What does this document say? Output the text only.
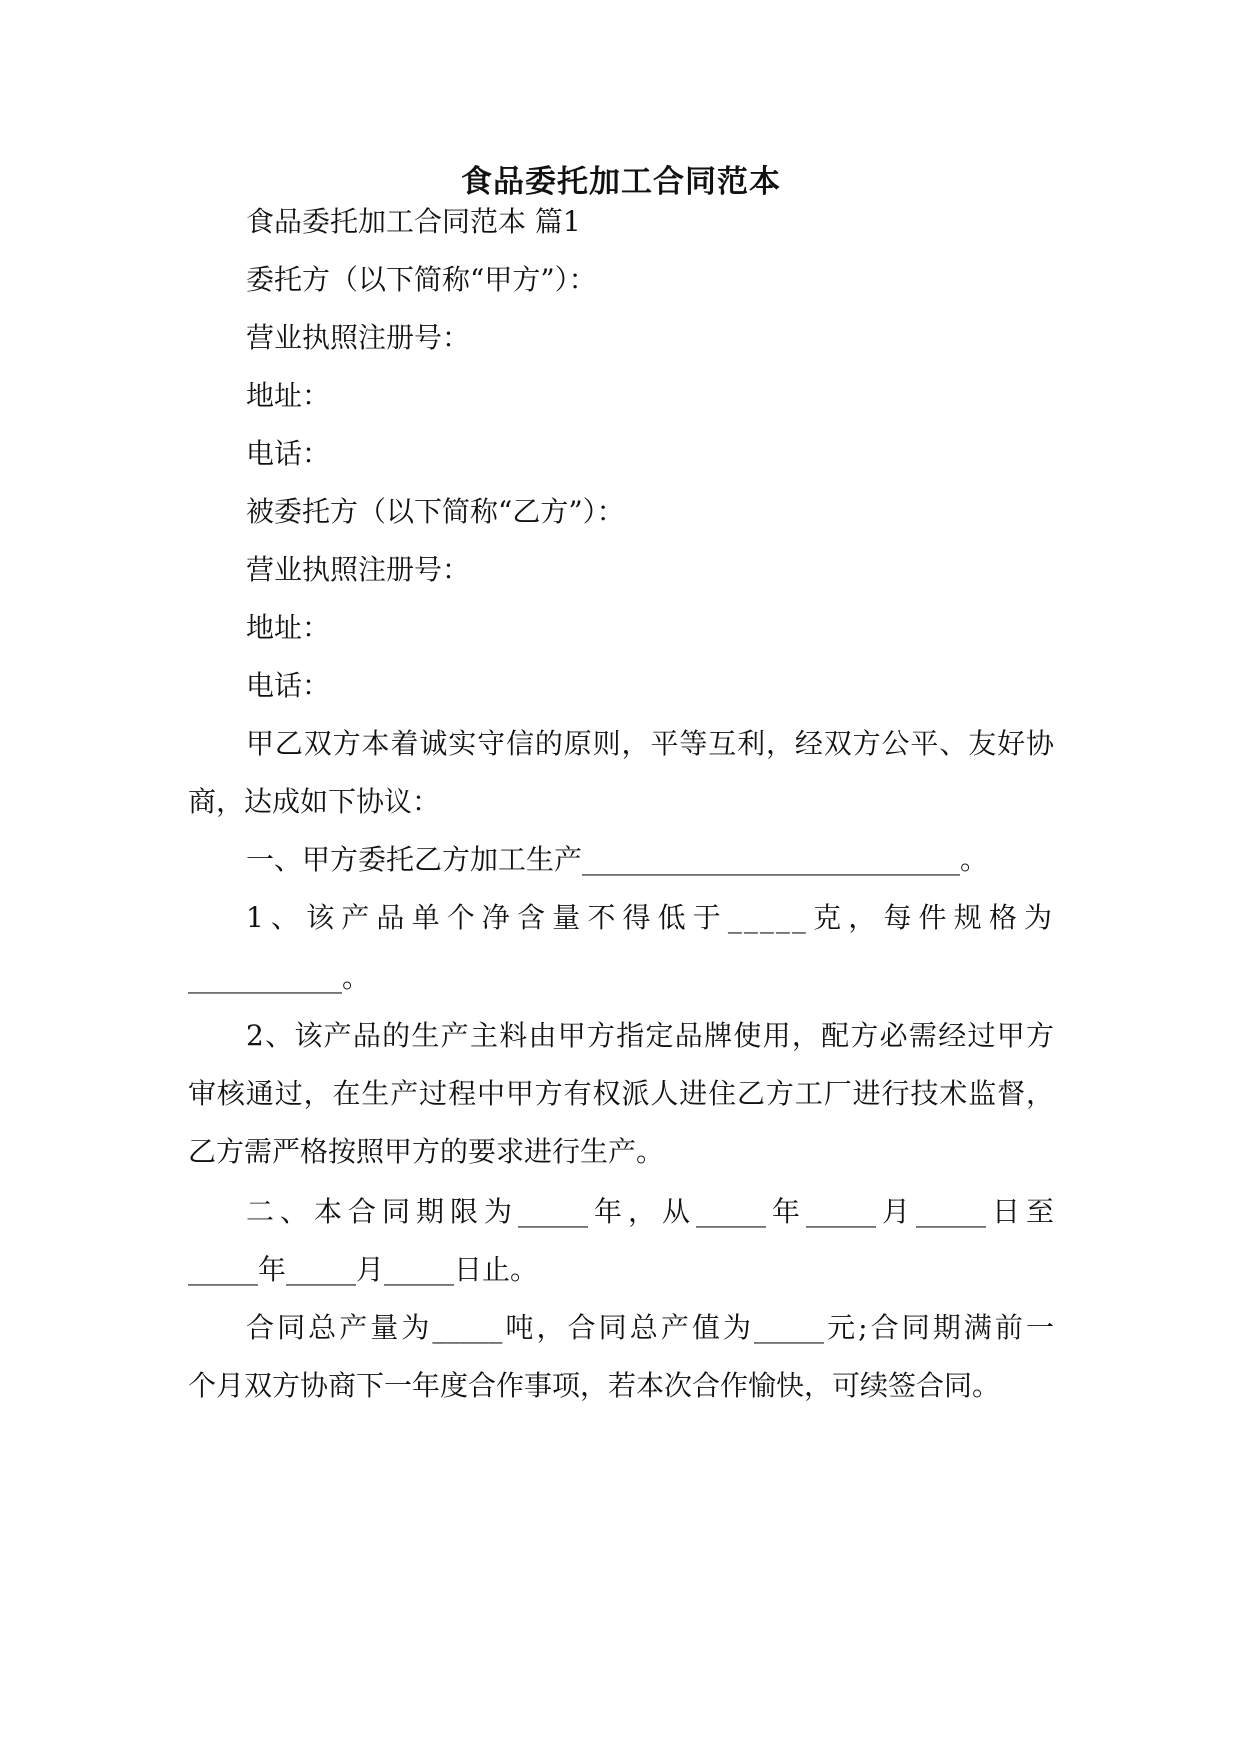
食品委托加工合同范本
食品委托加工合同范本 篇1
委托方（以下简称“甲方”）：
营业执照注册号：
地址：
电话：
被委托方（以下简称“乙方”）：
营业执照注册号：
地址：
电话：
甲乙双方本着诚实守信的原则，平等互利，经双方公平、友好协
商，达成如下协议：
一、甲方委托乙方加工生产___________________________。
1、该产品单个净含量不得低于_____克，每件规格为
___________。
2、该产品的生产主料由甲方指定品牌使用，配方必需经过甲方
审核通过，在生产过程中甲方有权派人进住乙方工厂进行技术监督，
乙方需严格按照甲方的要求进行生产。
二、本合同期限为_____年，从_____年_____月_____日至
_____年_____月_____日止。
合同总产量为_____吨，合同总产值为_____元;合同期满前一
个月双方协商下一年度合作事项，若本次合作愉快，可续签合同。
